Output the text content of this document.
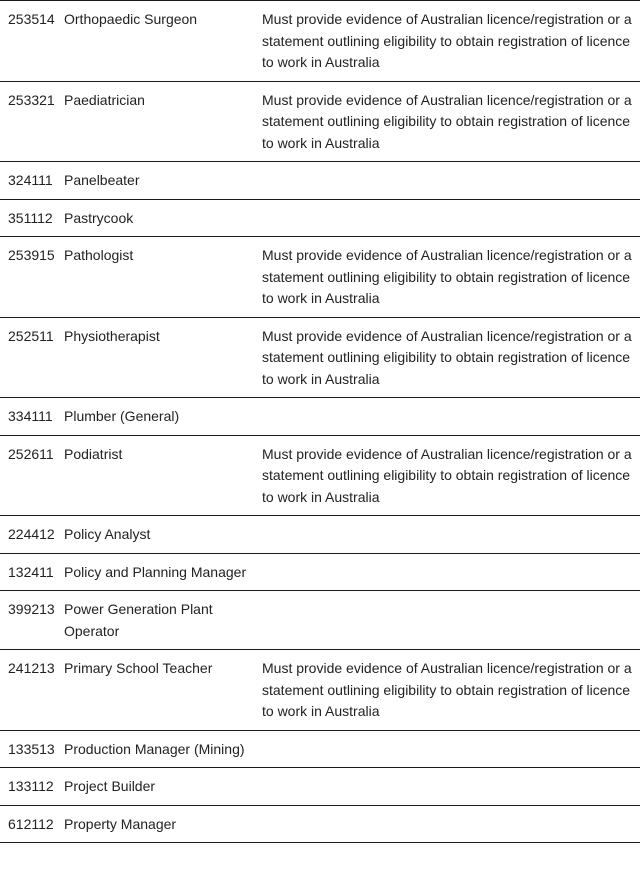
253514	Orthopaedic Surgeon	Must provide evidence of Australian licence/registration or a statement outlining eligibility to obtain registration of licence to work in Australia
253321	Paediatrician	Must provide evidence of Australian licence/registration or a statement outlining eligibility to obtain registration of licence to work in Australia
324111	Panelbeater	
351112	Pastrycook	
253915	Pathologist	Must provide evidence of Australian licence/registration or a statement outlining eligibility to obtain registration of licence to work in Australia
252511	Physiotherapist	Must provide evidence of Australian licence/registration or a statement outlining eligibility to obtain registration of licence to work in Australia
334111	Plumber (General)	
252611	Podiatrist	Must provide evidence of Australian licence/registration or a statement outlining eligibility to obtain registration of licence to work in Australia
224412	Policy Analyst	
132411	Policy and Planning Manager	
399213	Power Generation Plant Operator	
241213	Primary School Teacher	Must provide evidence of Australian licence/registration or a statement outlining eligibility to obtain registration of licence to work in Australia
133513	Production Manager (Mining)	
133112	Project Builder	
612112	Property Manager	
